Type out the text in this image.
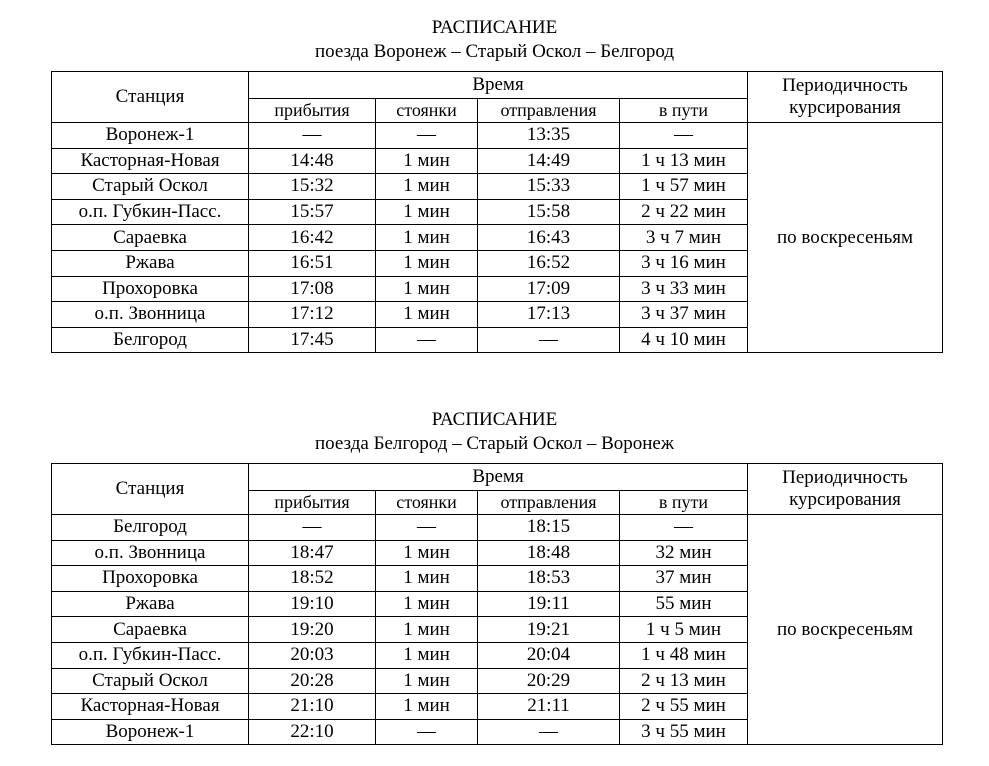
РАСПИСАНИЕ
поезда Воронеж – Старый Оскол – Белгород
Станция	Время				Периодичность
курсирования

	прибытия	стоянки	отправления	в пути	
Воронеж-1	—	—	13:35	—	по воскресеньям
Касторная-Новая	14:48	1 мин	14:49	1 ч 13 мин	
Старый Оскол	15:32	1 мин	15:33	1 ч 57 мин	
о.п. Губкин-Пасс.	15:57	1 мин	15:58	2 ч 22 мин	
Сараевка	16:42	1 мин	16:43	3 ч 7 мин	
Ржава	16:51	1 мин	16:52	3 ч 16 мин	
Прохоровка	17:08	1 мин	17:09	3 ч 33 мин	
о.п. Звонница	17:12	1 мин	17:13	3 ч 37 мин	
Белгород	17:45	—	—	4 ч 10 мин	
РАСПИСАНИЕ
поезда Белгород – Старый Оскол – Воронеж
Станция	Время				Периодичность
курсирования

	прибытия	стоянки	отправления	в пути	
Белгород	—	—	18:15	—	по воскресеньям
о.п. Звонница	18:47	1 мин	18:48	32 мин	
Прохоровка	18:52	1 мин	18:53	37 мин	
Ржава	19:10	1 мин	19:11	55 мин	
Сараевка	19:20	1 мин	19:21	1 ч 5 мин	
о.п. Губкин-Пасс.	20:03	1 мин	20:04	1 ч 48 мин	
Старый Оскол	20:28	1 мин	20:29	2 ч 13 мин	
Касторная-Новая	21:10	1 мин	21:11	2 ч 55 мин	
Воронеж-1	22:10	—	—	3 ч 55 мин	
